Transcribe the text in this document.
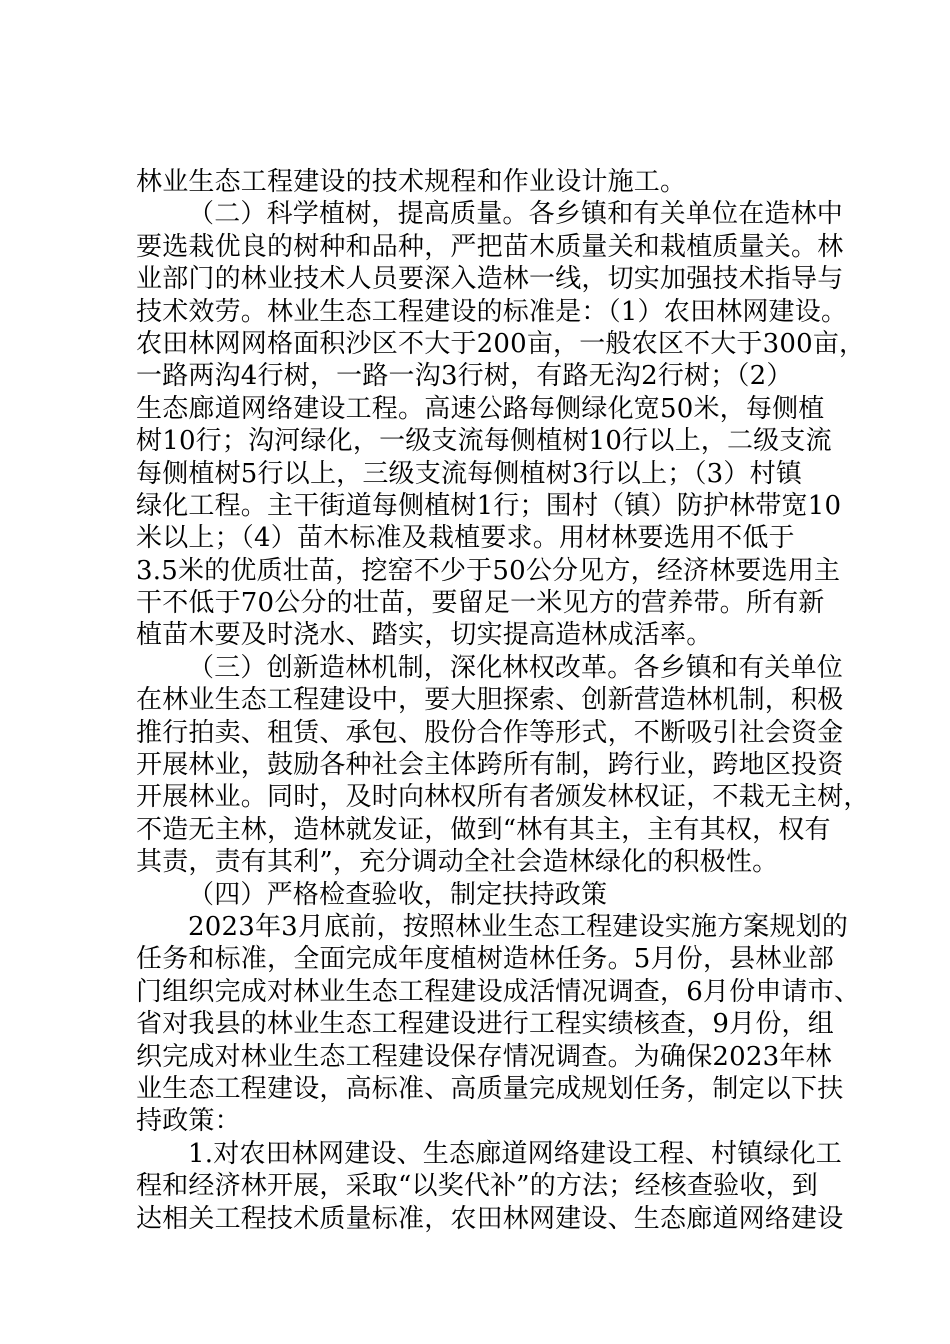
林业生态工程建设的技术规程和作业设计施工。
（二）科学植树，提高质量。各乡镇和有关单位在造林中
要选栽优良的树种和品种，严把苗木质量关和栽植质量关。林
业部门的林业技术人员要深入造林一线，切实加强技术指导与
技术效劳。林业生态工程建设的标准是：（1）农田林网建设。
农田林网网格面积沙区不大于200亩，一般农区不大于300亩，
一路两沟4行树，一路一沟3行树，有路无沟2行树；（2）
生态廊道网络建设工程。高速公路每侧绿化宽50米，每侧植
树10行；沟河绿化，一级支流每侧植树10行以上，二级支流
每侧植树5行以上，三级支流每侧植树3行以上；（3）村镇
绿化工程。主干街道每侧植树1行；围村（镇）防护林带宽10
米以上；（4）苗木标准及栽植要求。用材林要选用不低于
3.5米的优质壮苗，挖窑不少于50公分见方，经济林要选用主
干不低于70公分的壮苗，要留足一米见方的营养带。所有新
植苗木要及时浇水、踏实，切实提高造林成活率。
（三）创新造林机制，深化林权改革。各乡镇和有关单位
在林业生态工程建设中，要大胆探索、创新营造林机制，积极
推行拍卖、租赁、承包、股份合作等形式，不断吸引社会资金
开展林业，鼓励各种社会主体跨所有制，跨行业，跨地区投资
开展林业。同时，及时向林权所有者颁发林权证，不栽无主树，
不造无主林，造林就发证，做到“林有其主，主有其权，权有
其责，责有其利”，充分调动全社会造林绿化的积极性。
（四）严格检查验收，制定扶持政策
2023年3月底前，按照林业生态工程建设实施方案规划的
任务和标准，全面完成年度植树造林任务。5月份，县林业部
门组织完成对林业生态工程建设成活情况调查，6月份申请市、
省对我县的林业生态工程建设进行工程实绩核查，9月份，组
织完成对林业生态工程建设保存情况调查。为确保2023年林
业生态工程建设，高标准、高质量完成规划任务，制定以下扶
持政策：
1.对农田林网建设、生态廊道网络建设工程、村镇绿化工
程和经济林开展，采取“以奖代补”的方法；经核查验收，到
达相关工程技术质量标准，农田林网建设、生态廊道网络建设
